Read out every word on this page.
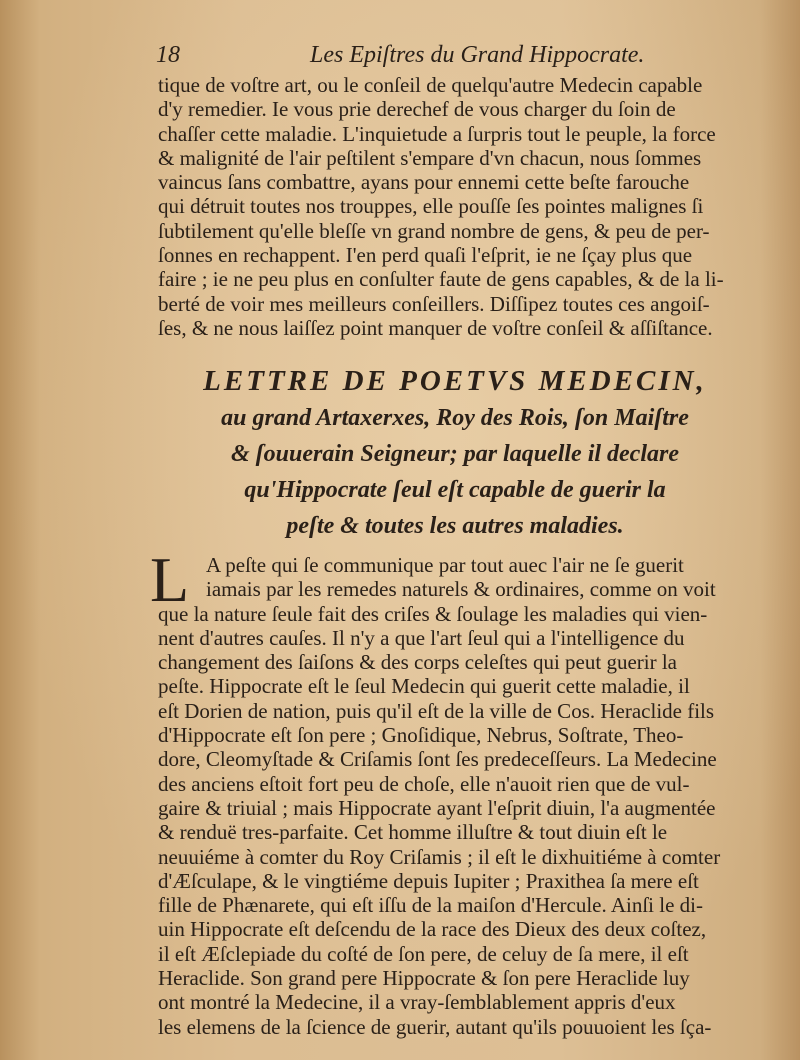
18	Les Epiſtres du Grand Hippocrate.
tique de voſtre art, ou le conſeil de quelqu'autre Medecin capable
d'y remedier. Ie vous prie derechef de vous charger du ſoin de
chaſſer cette maladie. L'inquietude a ſurpris tout le peuple, la force
& malignité de l'air peſtilent s'empare d'vn chacun, nous ſommes
vaincus ſans combattre, ayans pour ennemi cette beſte farouche
qui détruit toutes nos trouppes, elle pouſſe ſes pointes malignes ſi
ſubtilement qu'elle bleſſe vn grand nombre de gens, & peu de per-
ſonnes en rechappent. I'en perd quaſi l'eſprit, ie ne ſçay plus que
faire ; ie ne peu plus en conſulter faute de gens capables, & de la li-
berté de voir mes meilleurs conſeillers. Diſſipez toutes ces angoiſ-
ſes, & ne nous laiſſez point manquer de voſtre conſeil & aſſiſtance.
LETTRE DE POETVS MEDECIN,
au grand Artaxerxes, Roy des Rois, ſon Maiſtre
& ſouuerain Seigneur; par laquelle il declare
qu'Hippocrate ſeul eſt capable de guerir la
peſte & toutes les autres maladies.
L A peſte qui ſe communique par tout auec l'air ne ſe guerit
iamais par les remedes naturels & ordinaires, comme on voit
que la nature ſeule fait des criſes & ſoulage les maladies qui vien-
nent d'autres cauſes. Il n'y a que l'art ſeul qui a l'intelligence du
changement des ſaiſons & des corps celeſtes qui peut guerir la
peſte. Hippocrate eſt le ſeul Medecin qui guerit cette maladie, il
eſt Dorien de nation, puis qu'il eſt de la ville de Cos. Heraclide fils
d'Hippocrate eſt ſon pere ; Gnoſidique, Nebrus, Soſtrate, Theo-
dore, Cleomyſtade & Criſamis ſont ſes predeceſſeurs. La Medecine
des anciens eſtoit fort peu de choſe, elle n'auoit rien que de vul-
gaire & triuial ; mais Hippocrate ayant l'eſprit diuin, l'a augmentée
& renduë tres-parfaite. Cet homme illuſtre & tout diuin eſt le
neuuiéme à comter du Roy Criſamis ; il eſt le dixhuitiéme à comter
d'Æſculape, & le vingtiéme depuis Iupiter ; Praxithea ſa mere eſt
fille de Phænarete, qui eſt iſſu de la maiſon d'Hercule. Ainſi le di-
uin Hippocrate eſt deſcendu de la race des Dieux des deux coſtez,
il eſt Æſclepiade du coſté de ſon pere, de celuy de ſa mere, il eſt
Heraclide. Son grand pere Hippocrate & ſon pere Heraclide luy
ont montré la Medecine, il a vray-ſemblablement appris d'eux
les elemens de la ſcience de guerir, autant qu'ils pouuoient les ſça-
